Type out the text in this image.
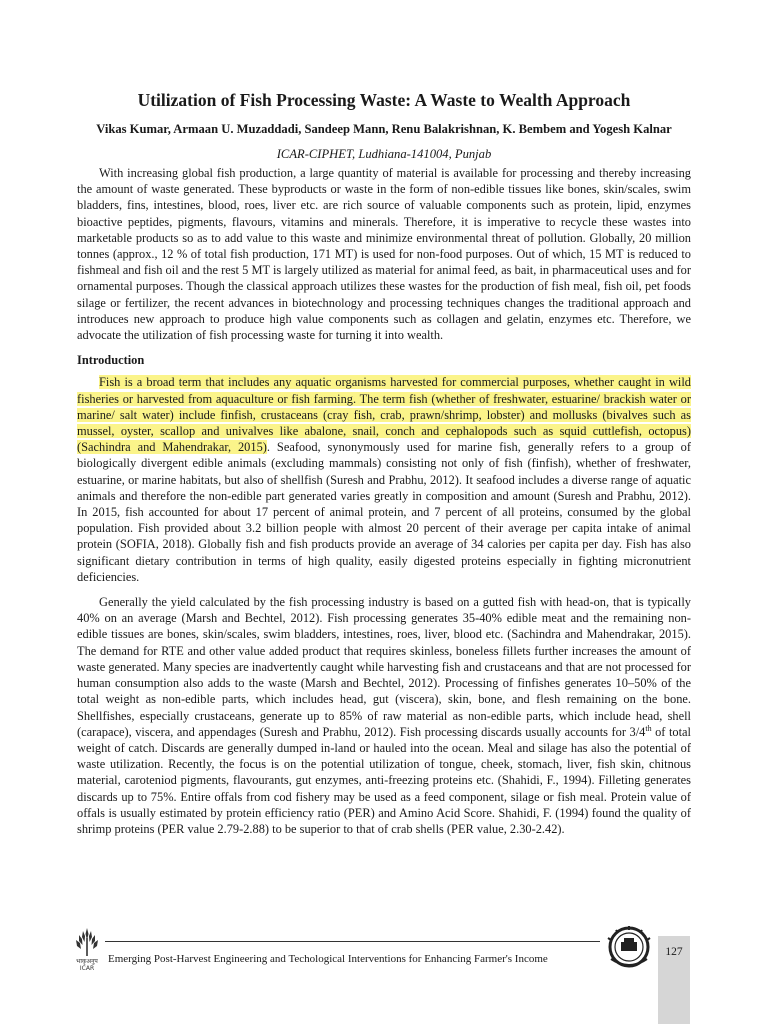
Utilization of Fish Processing Waste: A Waste to Wealth Approach
Vikas Kumar, Armaan U. Muzaddadi, Sandeep Mann, Renu Balakrishnan, K. Bembem and Yogesh Kalnar
ICAR-CIPHET, Ludhiana-141004, Punjab

With increasing global fish production, a large quantity of material is available for processing and thereby increasing the amount of waste generated. These byproducts or waste in the form of non-edible tissues like bones, skin/scales, swim bladders, fins, intestines, blood, roes, liver etc. are rich source of valuable components such as protein, lipid, enzymes bioactive peptides, pigments, flavours, vitamins and minerals. Therefore, it is imperative to recycle these wastes into marketable products so as to add value to this waste and minimize environmental threat of pollution. Globally, 20 million tonnes (approx., 12 % of total fish production, 171 MT) is used for non-food purposes. Out of which, 15 MT is reduced to fishmeal and fish oil and the rest 5 MT is largely utilized as material for animal feed, as bait, in pharmaceutical uses and for ornamental purposes. Though the classical approach utilizes these wastes for the production of fish meal, fish oil, pet foods silage or fertilizer, the recent advances in biotechnology and processing techniques changes the traditional approach and introduces new approach to produce high value components such as collagen and gelatin, enzymes etc. Therefore, we advocate the utilization of fish processing waste for turning it into wealth.

Introduction

Fish is a broad term that includes any aquatic organisms harvested for commercial purposes, whether caught in wild fisheries or harvested from aquaculture or fish farming. The term fish (whether of freshwater, estuarine/ brackish water or marine/ salt water) include finfish, crustaceans (cray fish, crab, prawn/shrimp, lobster) and mollusks (bivalves such as mussel, oyster, scallop and univalves like abalone, snail, conch and cephalopods such as squid cuttlefish, octopus) (Sachindra and Mahendrakar, 2015). Seafood, synonymously used for marine fish, generally refers to a group of biologically divergent edible animals (excluding mammals) consisting not only of fish (finfish), whether of freshwater, estuarine, or marine habitats, but also of shellfish (Suresh and Prabhu, 2012). It seafood includes a diverse range of aquatic animals and therefore the non-edible part generated varies greatly in composition and amount (Suresh and Prabhu, 2012). In 2015, fish accounted for about 17 percent of animal protein, and 7 percent of all proteins, consumed by the global population. Fish provided about 3.2 billion people with almost 20 percent of their average per capita intake of animal protein (SOFIA, 2018). Globally fish and fish products provide an average of 34 calories per capita per day. Fish has also significant dietary contribution in terms of high quality, easily digested proteins especially in fighting micronutrient deficiencies.

Generally the yield calculated by the fish processing industry is based on a gutted fish with head-on, that is typically 40% on an average (Marsh and Bechtel, 2012). Fish processing generates 35-40% edible meat and the remaining non-edible tissues are bones, skin/scales, swim bladders, intestines, roes, liver, blood etc. (Sachindra and Mahendrakar, 2015). The demand for RTE and other value added product that requires skinless, boneless fillets further increases the amount of waste generated. Many species are inadvertently caught while harvesting fish and crustaceans and that are not processed for human consumption also adds to the waste (Marsh and Bechtel, 2012). Processing of finfishes generates 10–50% of the total weight as non-edible parts, which includes head, gut (viscera), skin, bone, and flesh remaining on the bone. Shellfishes, especially crustaceans, generate up to 85% of raw material as non-edible parts, which include head, shell (carapace), viscera, and appendages (Suresh and Prabhu, 2012). Fish processing discards usually accounts for 3/4th of total weight of catch. Discards are generally dumped in-land or hauled into the ocean. Meal and silage has also the potential of waste utilization. Recently, the focus is on the potential utilization of tongue, cheek, stomach, liver, fish skin, chitnous material, caroteniod pigments, flavourants, gut enzymes, anti-freezing proteins etc. (Shahidi, F., 1994). Filleting generates discards up to 75%. Entire offals from cod fishery may be used as a feed component, silage or fish meal. Protein value of offals is usually estimated by protein efficiency ratio (PER) and Amino Acid Score. Shahidi, F. (1994) found the quality of shrimp proteins (PER value 2.79-2.88) to be superior to that of crab shells (PER value, 2.30-2.42).

भाकृअनुप
ICAR
Emerging Post-Harvest Engineering and Techological Interventions for Enhancing Farmer's Income
127
